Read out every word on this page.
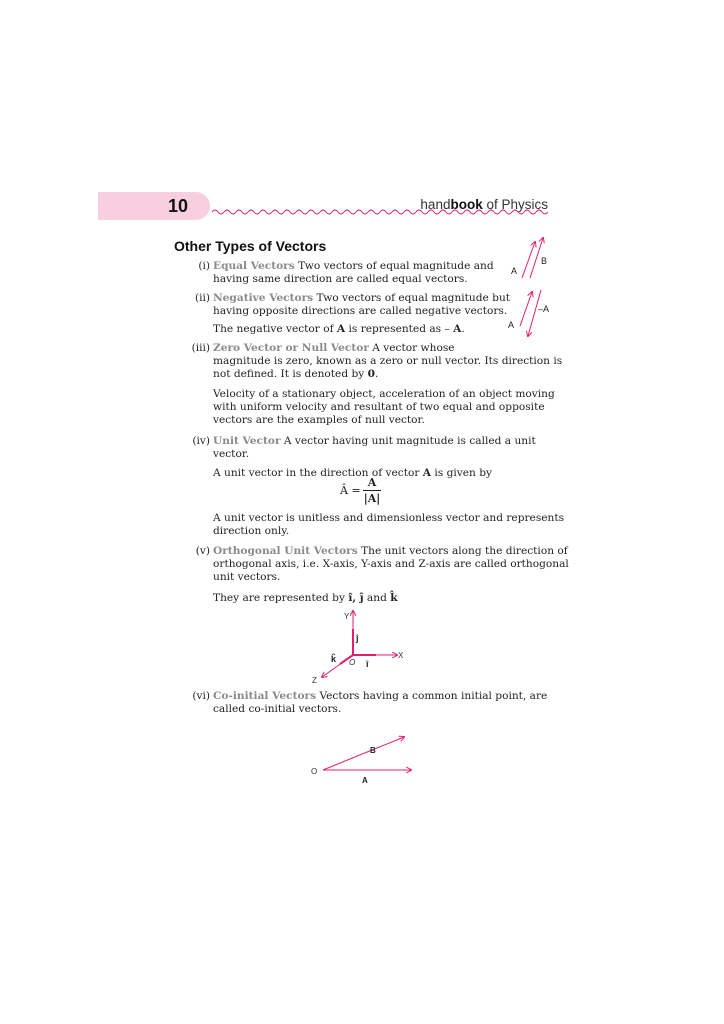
10	handbook of Physics
Other Types of Vectors
(i) Equal Vectors Two vectors of equal magnitude and
having same direction are called equal vectors.
(ii) Negative Vectors Two vectors of equal magnitude but
having opposite directions are called negative vectors.
The negative vector of A is represented as – A.
(iii) Zero Vector or Null Vector A vector whose
magnitude is zero, known as a zero or null vector. Its direction is
not defined. It is denoted by 0.
Velocity of a stationary object, acceleration of an object moving
with uniform velocity and resultant of two equal and opposite
vectors are the examples of null vector.
(iv) Unit Vector A vector having unit magnitude is called a unit
vector.
A unit vector in the direction of vector A is given by
Â =
A
|A|
A unit vector is unitless and dimensionless vector and represents
direction only.
(v) Orthogonal Unit Vectors The unit vectors along the direction of
orthogonal axis, i.e. X-axis, Y-axis and Z-axis are called orthogonal
unit vectors.
They are represented by î, ĵ and k̂
(vi) Co-initial Vectors Vectors having a common initial point, are
called co-initial vectors.
A
B
A
–A
Y
X
Z
O
ĵ
î
k̂
O
A
B
